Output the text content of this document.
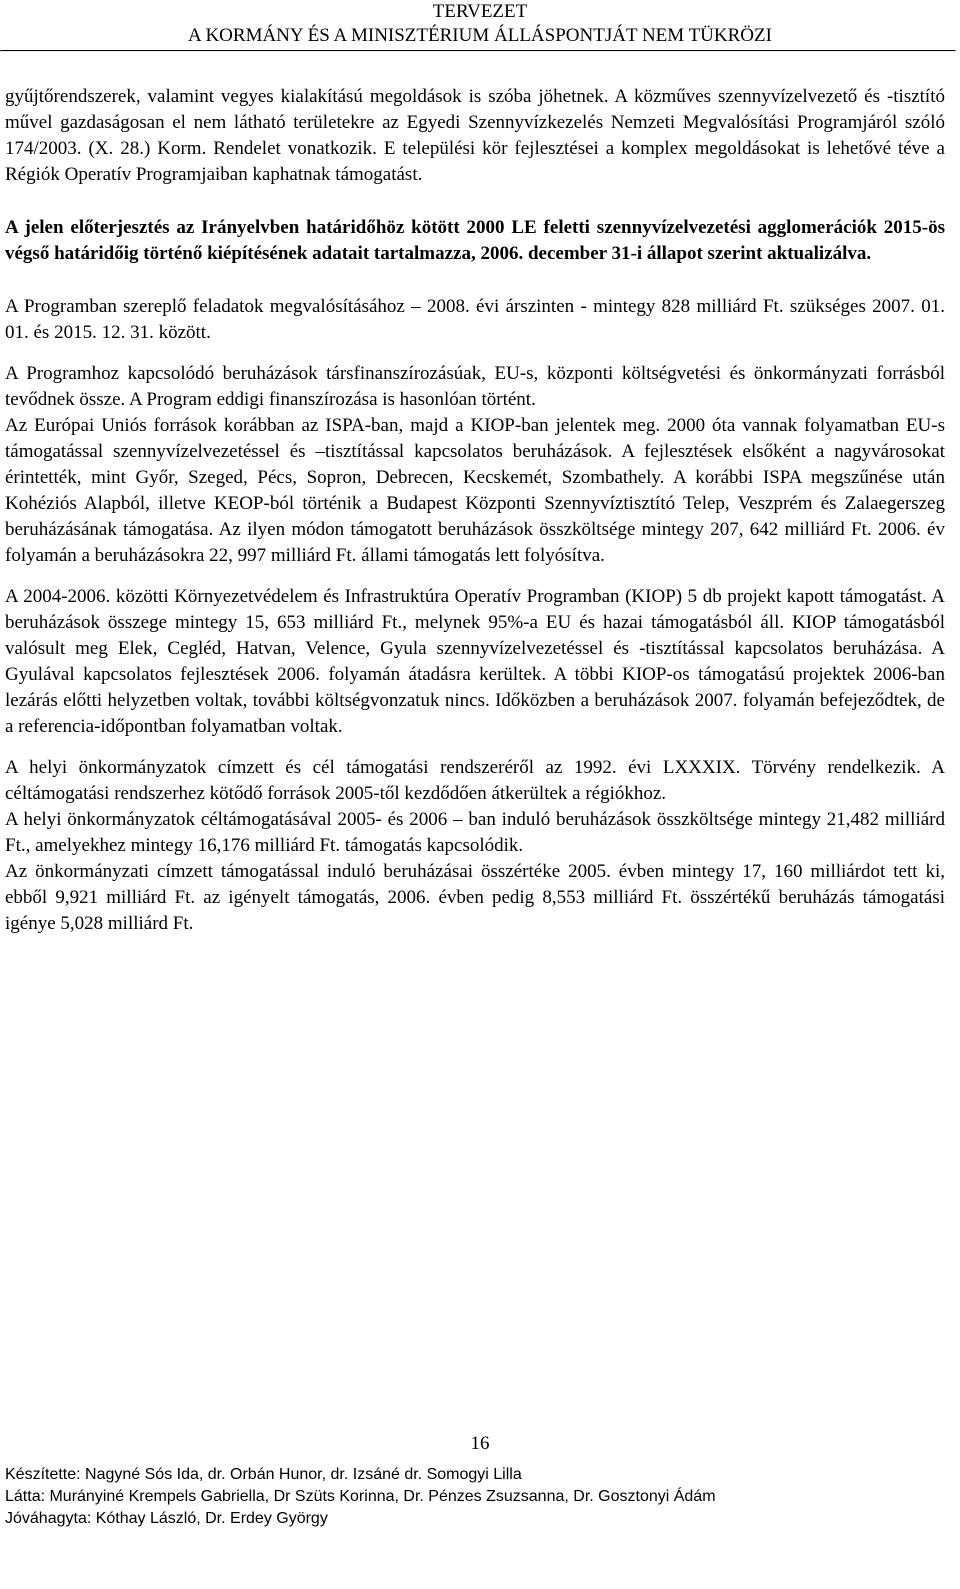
TERVEZET
A KORMÁNY ÉS A MINISZTÉRIUM ÁLLÁSPONTJÁT NEM TÜKRÖZI

gyűjtőrendszerek, valamint vegyes kialakítású megoldások is szóba jöhetnek. A közműves szennyvízelvezető és -tisztító művel gazdaságosan el nem látható területekre az Egyedi Szennyvízkezelés Nemzeti Megvalósítási Programjáról szóló 174/2003. (X. 28.) Korm. Rendelet vonatkozik. E települési kör fejlesztései a komplex megoldásokat is lehetővé téve a Régiók Operatív Programjaiban kaphatnak támogatást.

A jelen előterjesztés az Irányelvben határidőhöz kötött 2000 LE feletti szennyvízelvezetési agglomerációk 2015-ös végső határidőig történő kiépítésének adatait tartalmazza, 2006. december 31-i állapot szerint aktualizálva.

A Programban szereplő feladatok megvalósításához – 2008. évi árszinten - mintegy 828 milliárd Ft. szükséges 2007. 01. 01. és 2015. 12. 31. között.

A Programhoz kapcsolódó beruházások társfinanszírozásúak, EU-s, központi költségvetési és önkormányzati forrásból tevődnek össze. A Program eddigi finanszírozása is hasonlóan történt.

Az Európai Uniós források korábban az ISPA-ban, majd a KIOP-ban jelentek meg. 2000 óta vannak folyamatban EU-s támogatással szennyvízelvezetéssel és –tisztítással kapcsolatos beruházások. A fejlesztések elsőként a nagyvárosokat érintették, mint Győr, Szeged, Pécs, Sopron, Debrecen, Kecskemét, Szombathely. A korábbi ISPA megszűnése után Kohéziós Alapból, illetve KEOP-ból történik a Budapest Központi Szennyvíztisztító Telep, Veszprém és Zalaegerszeg beruházásának támogatása. Az ilyen módon támogatott beruházások összköltsége mintegy 207, 642 milliárd Ft. 2006. év folyamán a beruházásokra 22, 997 milliárd Ft. állami támogatás lett folyósítva.

A 2004-2006. közötti Környezetvédelem és Infrastruktúra Operatív Programban (KIOP) 5 db projekt kapott támogatást. A beruházások összege mintegy 15, 653 milliárd Ft., melynek 95%-a EU és hazai támogatásból áll. KIOP támogatásból valósult meg Elek, Cegléd, Hatvan, Velence, Gyula szennyvízelvezetéssel és -tisztítással kapcsolatos beruházása. A Gyulával kapcsolatos fejlesztések 2006. folyamán átadásra kerültek. A többi KIOP-os támogatású projektek 2006-ban lezárás előtti helyzetben voltak, további költségvonzatuk nincs. Időközben a beruházások 2007. folyamán befejeződtek, de a referencia-időpontban folyamatban voltak.

A helyi önkormányzatok címzett és cél támogatási rendszeréről az 1992. évi LXXXIX. Törvény rendelkezik. A céltámogatási rendszerhez kötődő források 2005-től kezdődően átkerültek a régiókhoz.

A helyi önkormányzatok céltámogatásával 2005- és 2006 – ban induló beruházások összköltsége mintegy 21,482 milliárd Ft., amelyekhez mintegy 16,176 milliárd Ft. támogatás kapcsolódik.

Az önkormányzati címzett támogatással induló beruházásai összértéke 2005. évben mintegy 17, 160 milliárdot tett ki, ebből 9,921 milliárd Ft. az igényelt támogatás, 2006. évben pedig 8,553 milliárd Ft. összértékű beruházás támogatási igénye 5,028 milliárd Ft.

16
Készítette: Nagyné Sós Ida, dr. Orbán Hunor, dr. Izsáné dr. Somogyi Lilla
Látta: Murányiné Krempels Gabriella, Dr Szüts Korinna, Dr. Pénzes Zsuzsanna, Dr. Gosztonyi Ádám
Jóváhagyta: Kóthay László, Dr. Erdey György
